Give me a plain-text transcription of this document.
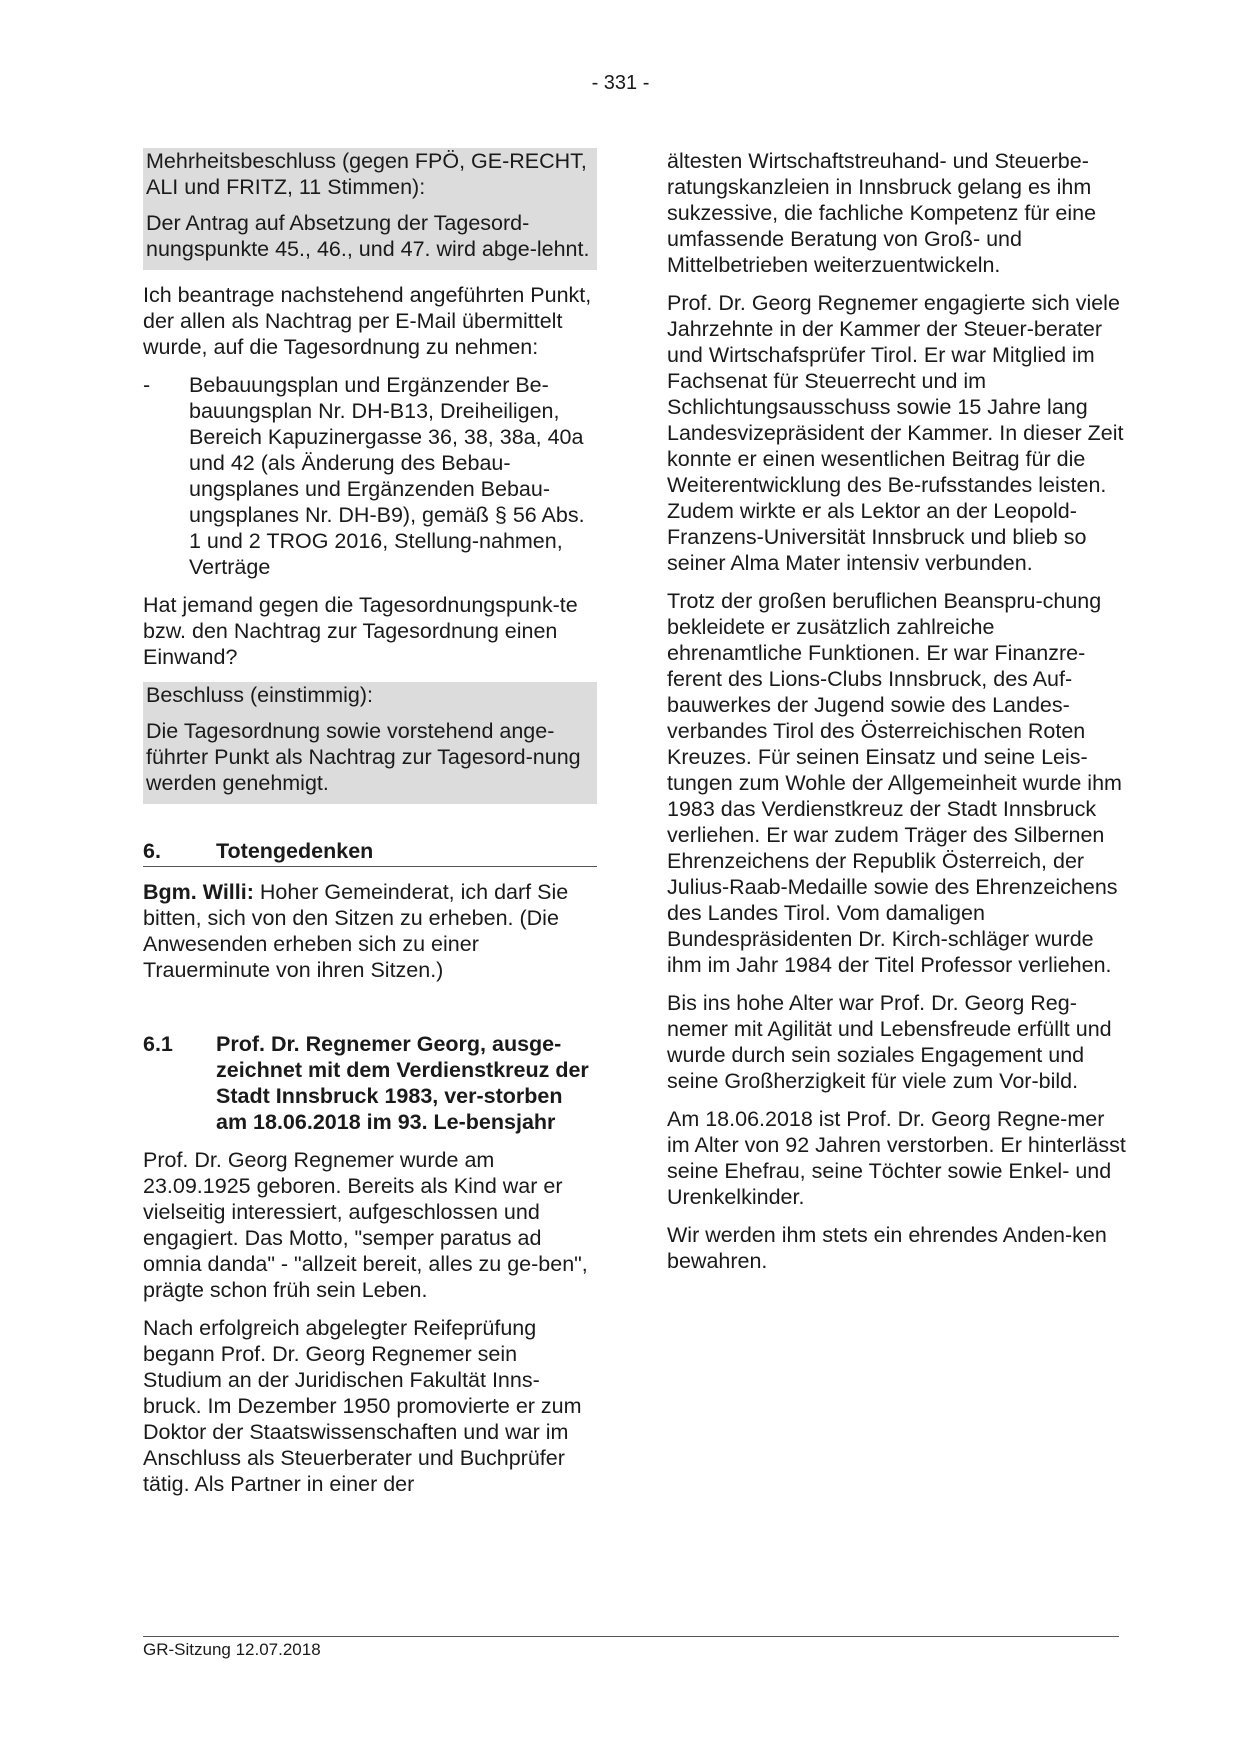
- 331 -

Mehrheitsbeschluss (gegen FPÖ, GE-RECHT, ALI und FRITZ, 11 Stimmen):

Der Antrag auf Absetzung der Tagesord-nungspunkte 45., 46., und 47. wird abge-lehnt.

Ich beantrage nachstehend angeführten Punkt, der allen als Nachtrag per E-Mail übermittelt wurde, auf die Tagesordnung zu nehmen:

-	Bebauungsplan und Ergänzender Be-bauungsplan Nr. DH-B13, Dreiheiligen, Bereich Kapuzinergasse 36, 38, 38a, 40a und 42 (als Änderung des Bebau-ungsplanes und Ergänzenden Bebau-ungsplanes Nr. DH-B9), gemäß § 56 Abs. 1 und 2 TROG 2016, Stellung-nahmen, Verträge

Hat jemand gegen die Tagesordnungspunk-te bzw. den Nachtrag zur Tagesordnung einen Einwand?

Beschluss (einstimmig):

Die Tagesordnung sowie vorstehend ange-führter Punkt als Nachtrag zur Tagesord-nung werden genehmigt.

6.	Totengedenken

Bgm. Willi: Hoher Gemeinderat, ich darf Sie bitten, sich von den Sitzen zu erheben. (Die Anwesenden erheben sich zu einer Trauerminute von ihren Sitzen.)

6.1	Prof. Dr. Regnemer Georg, ausge-zeichnet mit dem Verdienstkreuz der Stadt Innsbruck 1983, ver-storben am 18.06.2018 im 93. Le-bensjahr

Prof. Dr. Georg Regnemer wurde am 23.09.1925 geboren. Bereits als Kind war er vielseitig interessiert, aufgeschlossen und engagiert. Das Motto, "semper paratus ad omnia danda" - "allzeit bereit, alles zu ge-ben", prägte schon früh sein Leben.

Nach erfolgreich abgelegter Reifeprüfung begann Prof. Dr. Georg Regnemer sein Studium an der Juridischen Fakultät Inns-bruck. Im Dezember 1950 promovierte er zum Doktor der Staatswissenschaften und war im Anschluss als Steuerberater und Buchprüfer tätig. Als Partner in einer der

ältesten Wirtschaftstreuhand- und Steuerbe-ratungskanzleien in Innsbruck gelang es ihm sukzessive, die fachliche Kompetenz für eine umfassende Beratung von Groß- und Mittelbetrieben weiterzuentwickeln.

Prof. Dr. Georg Regnemer engagierte sich viele Jahrzehnte in der Kammer der Steuer-berater und Wirtschafsprüfer Tirol. Er war Mitglied im Fachsenat für Steuerrecht und im Schlichtungsausschuss sowie 15 Jahre lang Landesvizepräsident der Kammer. In dieser Zeit konnte er einen wesentlichen Beitrag für die Weiterentwicklung des Be-rufsstandes leisten. Zudem wirkte er als Lektor an der Leopold-Franzens-Universität Innsbruck und blieb so seiner Alma Mater intensiv verbunden.

Trotz der großen beruflichen Beanspru-chung bekleidete er zusätzlich zahlreiche ehrenamtliche Funktionen. Er war Finanzre-ferent des Lions-Clubs Innsbruck, des Auf-bauwerkes der Jugend sowie des Landes-verbandes Tirol des Österreichischen Roten Kreuzes. Für seinen Einsatz und seine Leis-tungen zum Wohle der Allgemeinheit wurde ihm 1983 das Verdienstkreuz der Stadt Innsbruck verliehen. Er war zudem Träger des Silbernen Ehrenzeichens der Republik Österreich, der Julius-Raab-Medaille sowie des Ehrenzeichens des Landes Tirol. Vom damaligen Bundespräsidenten Dr. Kirch-schläger wurde ihm im Jahr 1984 der Titel Professor verliehen.

Bis ins hohe Alter war Prof. Dr. Georg Reg-nemer mit Agilität und Lebensfreude erfüllt und wurde durch sein soziales Engagement und seine Großherzigkeit für viele zum Vor-bild.

Am 18.06.2018 ist Prof. Dr. Georg Regne-mer im Alter von 92 Jahren verstorben. Er hinterlässt seine Ehefrau, seine Töchter sowie Enkel- und Urenkelkinder.

Wir werden ihm stets ein ehrendes Anden-ken bewahren.

GR-Sitzung 12.07.2018
